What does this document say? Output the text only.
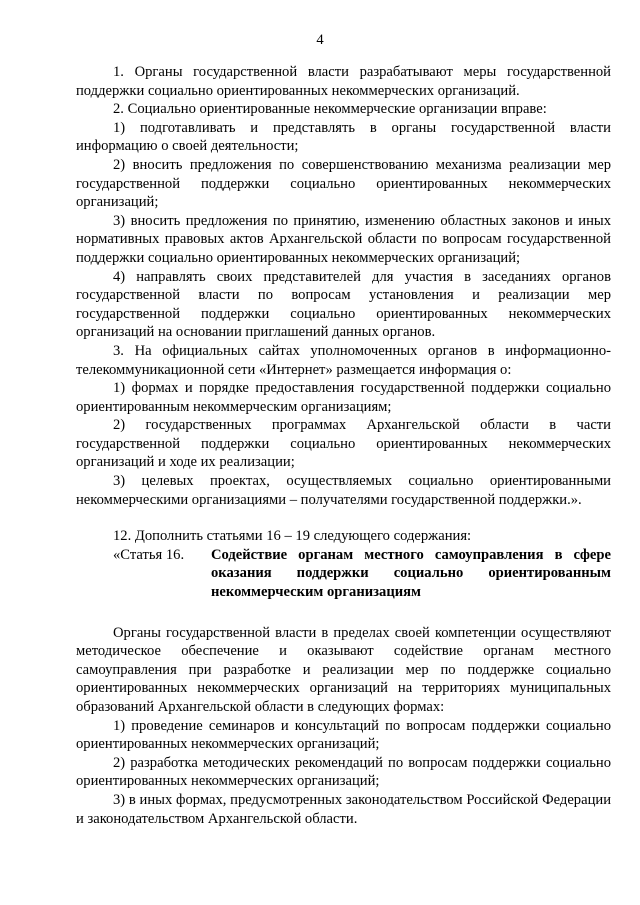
4

1. Органы государственной власти разрабатывают меры государственной поддержки социально ориентированных некоммерческих организаций.

2. Социально ориентированные некоммерческие организации вправе:

1) подготавливать и представлять в органы государственной власти информацию о своей деятельности;

2) вносить предложения по совершенствованию механизма реализации мер государственной поддержки социально ориентированных некоммерческих организаций;

3) вносить предложения по принятию, изменению областных законов и иных нормативных правовых актов Архангельской области по вопросам государственной поддержки социально ориентированных некоммерческих организаций;

4) направлять своих представителей для участия в заседаниях органов государственной власти по вопросам установления и реализации мер государственной поддержки социально ориентированных некоммерческих организаций на основании приглашений данных органов.

3. На официальных сайтах уполномоченных органов в информационно-телекоммуникационной сети «Интернет» размещается информация о:

1) формах и порядке предоставления государственной поддержки социально ориентированным некоммерческим организациям;

2) государственных программах Архангельской области в части государственной поддержки социально ориентированных некоммерческих организаций и ходе их реализации;

3) целевых проектах, осуществляемых социально ориентированными некоммерческими организациями – получателями государственной поддержки.».

12. Дополнить статьями 16 – 19 следующего содержания:

«Статья 16.	Содействие органам местного самоуправления в сфере оказания поддержки социально ориентированным некоммерческим организациям

Органы государственной власти в пределах своей компетенции осуществляют методическое обеспечение и оказывают содействие органам местного самоуправления при разработке и реализации мер по поддержке социально ориентированных некоммерческих организаций на территориях муниципальных образований Архангельской области в следующих формах:

1) проведение семинаров и консультаций по вопросам поддержки социально ориентированных некоммерческих организаций;

2) разработка методических рекомендаций по вопросам поддержки социально ориентированных некоммерческих организаций;

3) в иных формах, предусмотренных законодательством Российской Федерации и законодательством Архангельской области.
